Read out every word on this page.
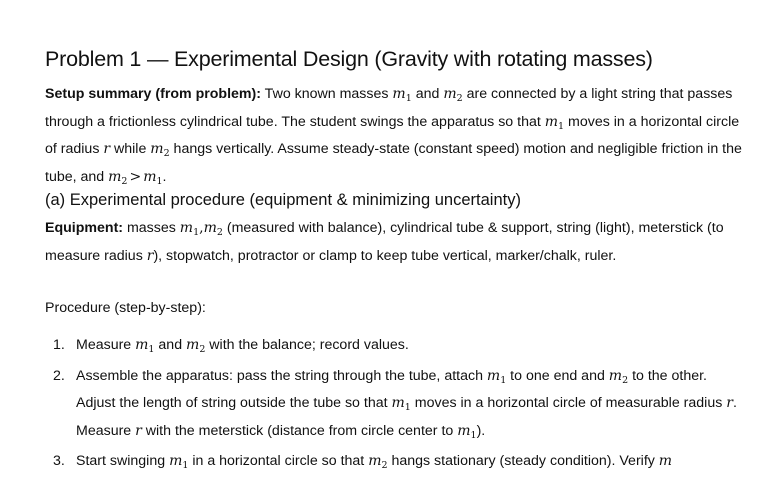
Problem 1 — Experimental Design (Gravity with rotating masses)

Setup summary (from problem): Two known masses $m_1$ and $m_2$ are connected by a light string that passes through a frictionless cylindrical tube. The student swings the apparatus so that $m_1$ moves in a horizontal circle of radius r while $m_2$ hangs vertically. Assume steady-state (constant speed) motion and negligible friction in the tube, and $m_2 > m_1$.

(a) Experimental procedure (equipment & minimizing uncertainty)

Equipment: masses $m_1,m_2$ (measured with balance), cylindrical tube & support, string (light), meterstick (to measure radius r), stopwatch, protractor or clamp to keep tube vertical, marker/chalk, ruler.

Procedure (step-by-step):

1. Measure $m_1$ and $m_2$ with the balance; record values.
2. Assemble the apparatus: pass the string through the tube, attach $m_1$ to one end and $m_2$ to the other. Adjust the length of string outside the tube so that $m_1$ moves in a horizontal circle of measurable radius r. Measure r with the meterstick (distance from circle center to $m_1$).
3. Start swinging $m_1$ in a horizontal circle so that $m_2$ hangs stationary (steady condition). Verify m
